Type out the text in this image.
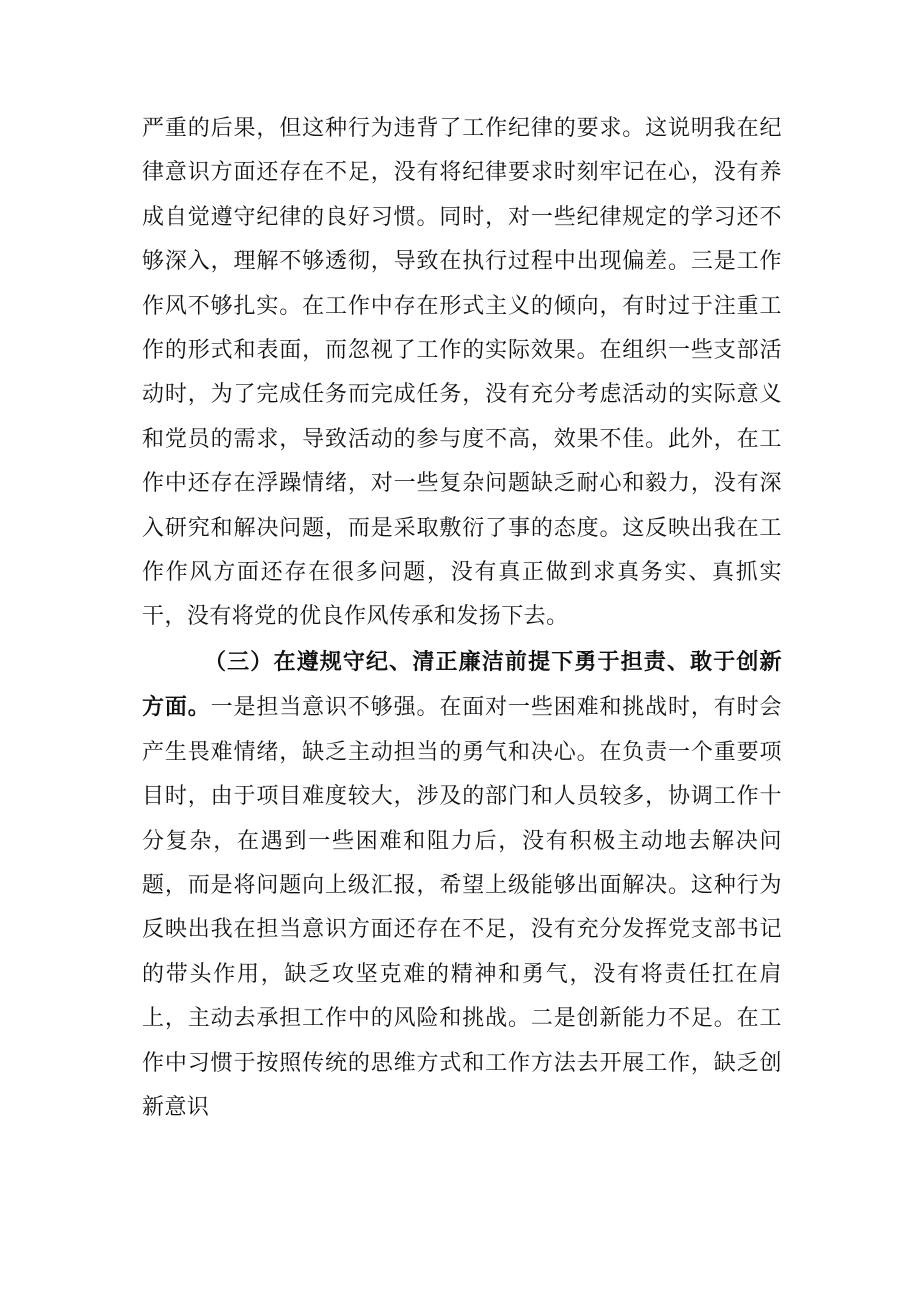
严重的后果，但这种行为违背了工作纪律的要求。这说明我在纪律意识方面还存在不足，没有将纪律要求时刻牢记在心，没有养成自觉遵守纪律的良好习惯。同时，对一些纪律规定的学习还不够深入，理解不够透彻，导致在执行过程中出现偏差。三是工作作风不够扎实。在工作中存在形式主义的倾向，有时过于注重工作的形式和表面，而忽视了工作的实际效果。在组织一些支部活动时，为了完成任务而完成任务，没有充分考虑活动的实际意义和党员的需求，导致活动的参与度不高，效果不佳。此外，在工作中还存在浮躁情绪，对一些复杂问题缺乏耐心和毅力，没有深入研究和解决问题，而是采取敷衍了事的态度。这反映出我在工作作风方面还存在很多问题，没有真正做到求真务实、真抓实干，没有将党的优良作风传承和发扬下去。

（三）在遵规守纪、清正廉洁前提下勇于担责、敢于创新方面。一是担当意识不够强。在面对一些困难和挑战时，有时会产生畏难情绪，缺乏主动担当的勇气和决心。在负责一个重要项目时，由于项目难度较大，涉及的部门和人员较多，协调工作十分复杂，在遇到一些困难和阻力后，没有积极主动地去解决问题，而是将问题向上级汇报，希望上级能够出面解决。这种行为反映出我在担当意识方面还存在不足，没有充分发挥党支部书记的带头作用，缺乏攻坚克难的精神和勇气，没有将责任扛在肩上，主动去承担工作中的风险和挑战。二是创新能力不足。在工作中习惯于按照传统的思维方式和工作方法去开展工作，缺乏创新意识
